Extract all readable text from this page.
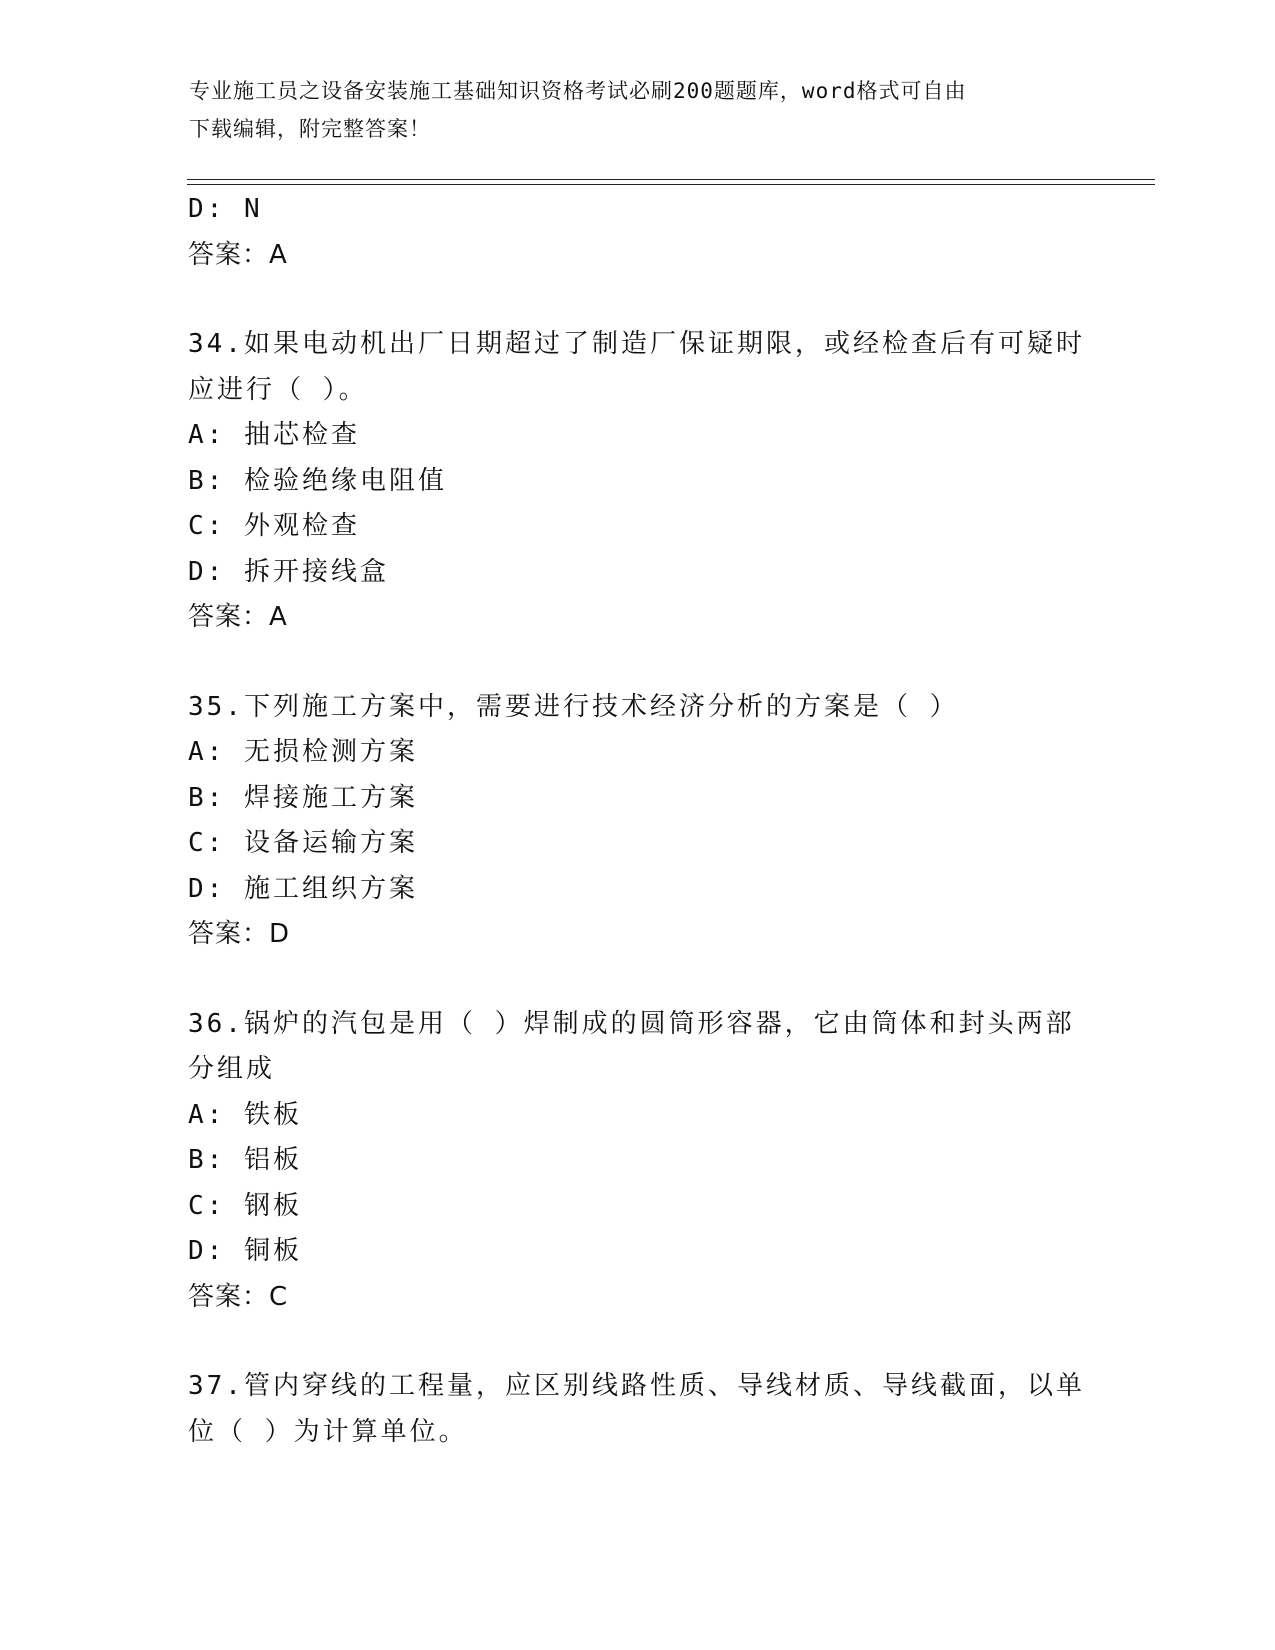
专业施工员之设备安装施工基础知识资格考试必刷200题题库，word格式可自由
下载编辑，附完整答案！
D: N
答案：A
34.如果电动机出厂日期超过了制造厂保证期限，或经检查后有可疑时
应进行（ ）。
A: 抽芯检查
B: 检验绝缘电阻值
C: 外观检查
D: 拆开接线盒
答案：A
35.下列施工方案中，需要进行技术经济分析的方案是（ ）
A: 无损检测方案
B: 焊接施工方案
C: 设备运输方案
D: 施工组织方案
答案：D
36.锅炉的汽包是用（ ）焊制成的圆筒形容器，它由筒体和封头两部
分组成
A: 铁板
B: 铝板
C: 钢板
D: 铜板
答案：C
37.管内穿线的工程量，应区别线路性质、导线材质、导线截面，以单
位（ ）为计算单位。
